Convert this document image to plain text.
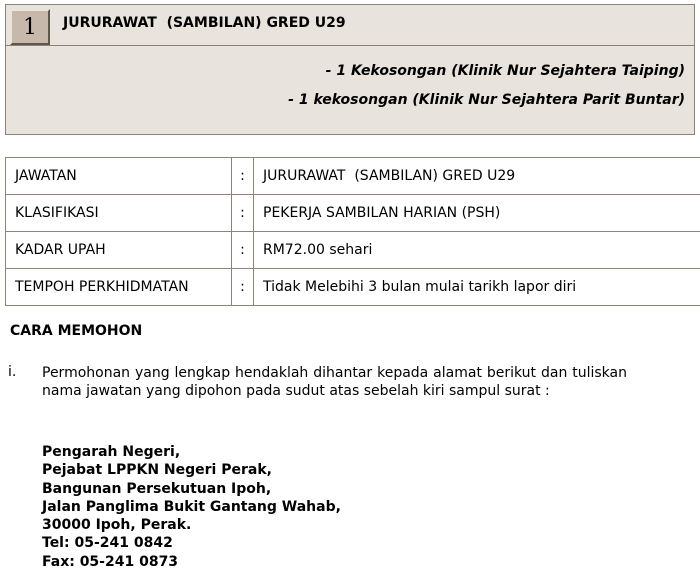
1	JURURAWAT  (SAMBILAN) GRED U29
- 1 Kekosongan (Klinik Nur Sejahtera Taiping)
- 1 kekosongan (Klinik Nur Sejahtera Parit Buntar)
JAWATAN	:	JURURAWAT  (SAMBILAN) GRED U29
KLASIFIKASI	:	PEKERJA SAMBILAN HARIAN (PSH)
KADAR UPAH	:	RM72.00 sehari
TEMPOH PERKHIDMATAN	:	Tidak Melebihi 3 bulan mulai tarikh lapor diri
CARA MEMOHON
i. Permohonan yang lengkap hendaklah dihantar kepada alamat berikut dan tuliskan nama jawatan yang dipohon pada sudut atas sebelah kiri sampul surat :
Pengarah Negeri,
Pejabat LPPKN Negeri Perak,
Bangunan Persekutuan Ipoh,
Jalan Panglima Bukit Gantang Wahab,
30000 Ipoh, Perak.
Tel: 05-241 0842
Fax: 05-241 0873
